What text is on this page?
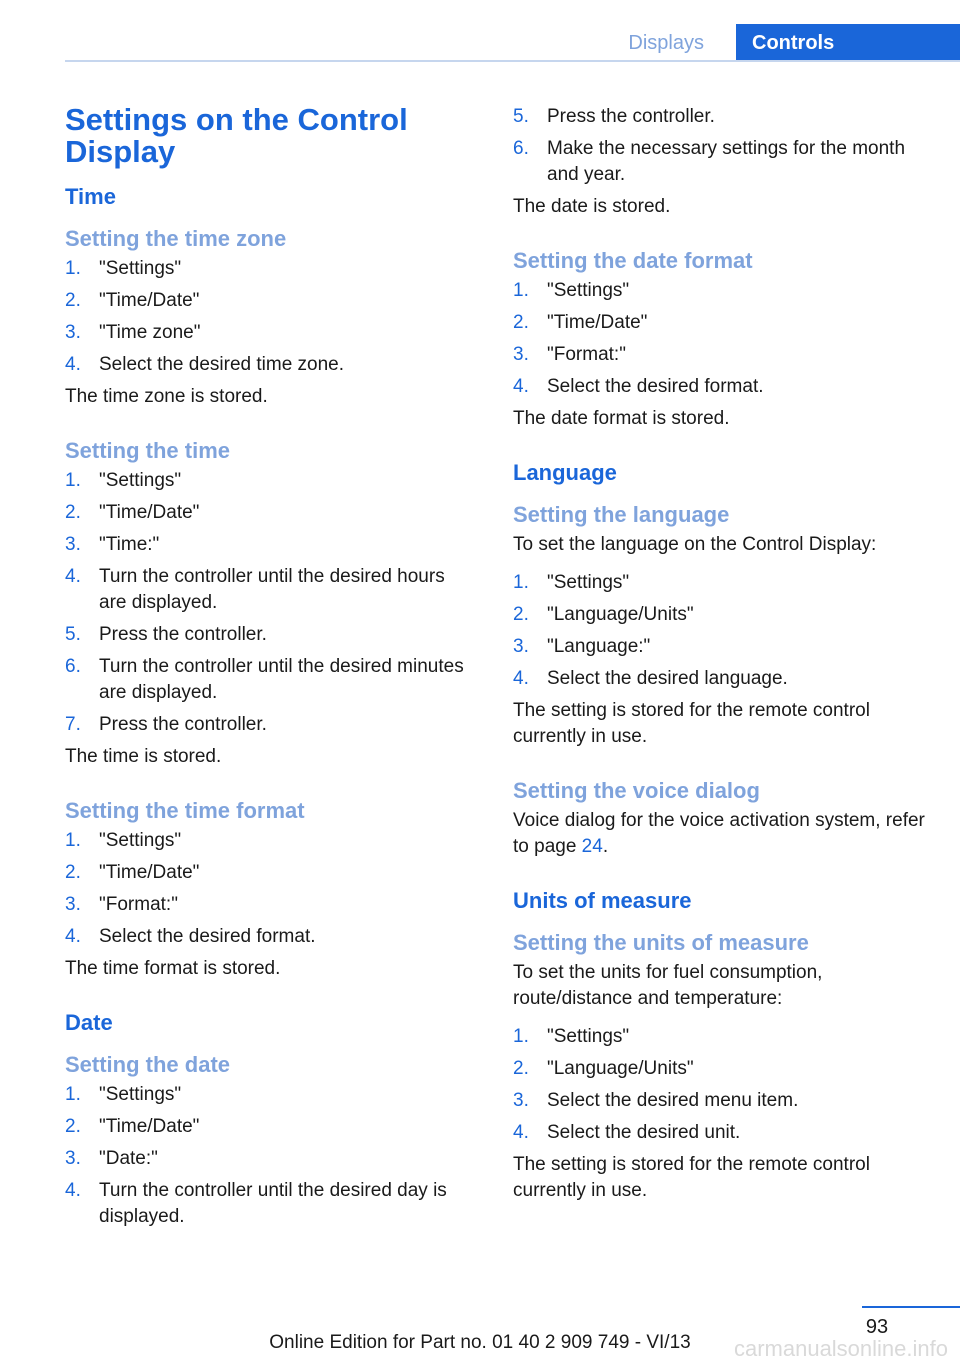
Displays	Controls
Settings on the Control Display
Time
Setting the time zone
1. "Settings"
2. "Time/Date"
3. "Time zone"
4. Select the desired time zone.
The time zone is stored.
Setting the time
1. "Settings"
2. "Time/Date"
3. "Time:"
4. Turn the controller until the desired hours are displayed.
5. Press the controller.
6. Turn the controller until the desired minutes are displayed.
7. Press the controller.
The time is stored.
Setting the time format
1. "Settings"
2. "Time/Date"
3. "Format:"
4. Select the desired format.
The time format is stored.
Date
Setting the date
1. "Settings"
2. "Time/Date"
3. "Date:"
4. Turn the controller until the desired day is displayed.
5. Press the controller.
6. Make the necessary settings for the month and year.
The date is stored.
Setting the date format
1. "Settings"
2. "Time/Date"
3. "Format:"
4. Select the desired format.
The date format is stored.
Language
Setting the language
To set the language on the Control Display:
1. "Settings"
2. "Language/Units"
3. "Language:"
4. Select the desired language.
The setting is stored for the remote control currently in use.
Setting the voice dialog
Voice dialog for the voice activation system, refer to page 24.
Units of measure
Setting the units of measure
To set the units for fuel consumption, route/distance and temperature:
1. "Settings"
2. "Language/Units"
3. Select the desired menu item.
4. Select the desired unit.
The setting is stored for the remote control currently in use.
93
Online Edition for Part no. 01 40 2 909 749 - VI/13	carmanualsonline.info
